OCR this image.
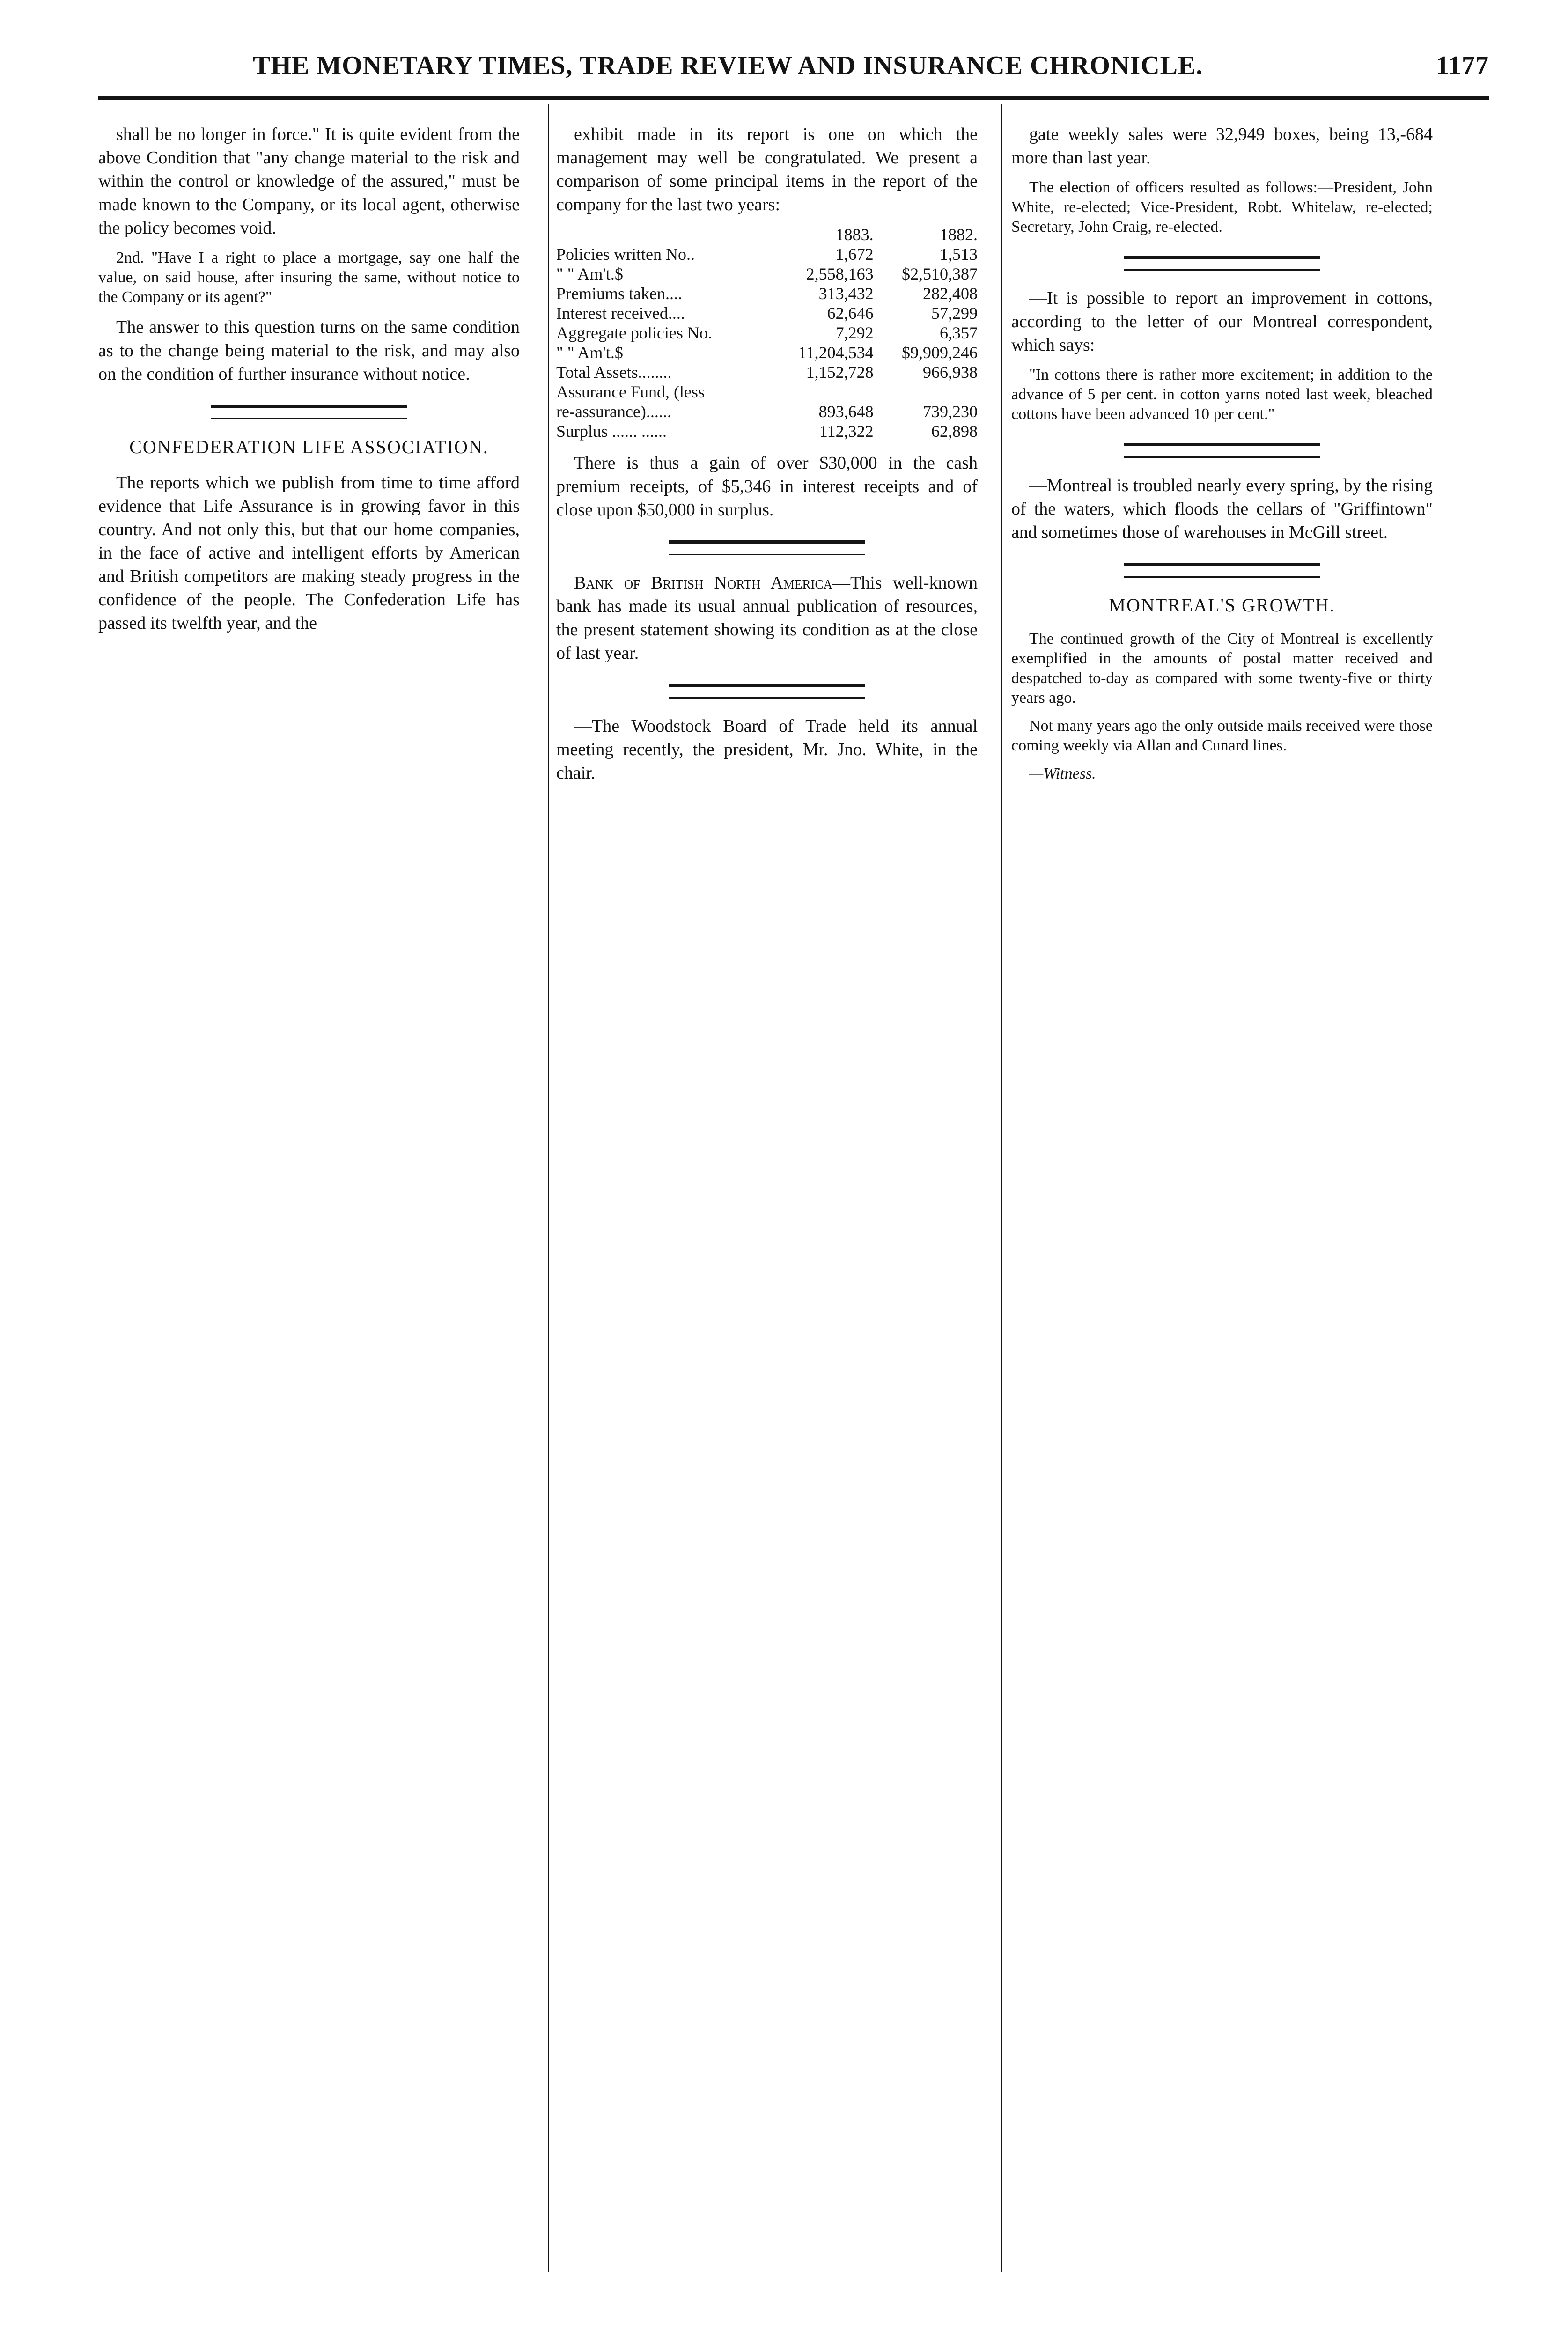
THE MONETARY TIMES, TRADE REVIEW AND INSURANCE CHRONICLE.	1177

shall be no longer in force." It is quite evident from the above Condition that "any change material to the risk and within the control or knowledge of the assured," must be made known to the Company, or its local agent, otherwise the policy becomes void.

2nd. "Have I a right to place a mortgage, say one half the value, on said house, after insuring the same, without notice to the Company or its agent?"

The answer to this question turns on the same condition as to the change being material to the risk, and may also on the condition of further insurance without notice.

CONFEDERATION LIFE ASSOCIATION.

The reports which we publish from time to time afford evidence that Life Assurance is in growing favor in this country. And not only this, but that our home companies, in the face of active and intelligent efforts by American and British competitors are making steady progress in the confidence of the people. The Confederation Life has passed its twelfth year, and the

exhibit made in its report is one on which the management may well be congratulated. We present a comparison of some principal items in the report of the company for the last two years:

	1883.	1882.
Policies written No..	1,672	1,513
" " Am't.$	2,558,163	$2,510,387
Premiums taken....	313,432	282,408
Interest received....	62,646	57,299
Aggregate policies No.	7,292	6,357
" " Am't.$	11,204,534	$9,909,246
Total Assets........	1,152,728	966,938
Assurance Fund, (less		
re-assurance)......	893,648	739,230
Surplus ...... ......	112,322	62,898

There is thus a gain of over $30,000 in the cash premium receipts, of $5,346 in interest receipts and of close upon $50,000 in surplus.

Bank of British North America—This well-known bank has made its usual annual publication of resources, the present statement showing its condition as at the close of last year.

—The Woodstock Board of Trade held its annual meeting recently, the president, Mr. Jno. White, in the chair.

gate weekly sales were 32,949 boxes, being 13,-684 more than last year.

The election of officers resulted as follows:—President, John White, re-elected; Vice-President, Robt. Whitelaw, re-elected; Secretary, John Craig, re-elected.

—It is possible to report an improvement in cottons, according to the letter of our Montreal correspondent, which says:

"In cottons there is rather more excitement; in addition to the advance of 5 per cent. in cotton yarns noted last week, bleached cottons have been advanced 10 per cent."

—Montreal is troubled nearly every spring, by the rising of the waters, which floods the cellars of "Griffintown" and sometimes those of warehouses in McGill street.

MONTREAL'S GROWTH.

The continued growth of the City of Montreal is excellently exemplified in the amounts of postal matter received and despatched to-day as compared with some twenty-five or thirty years ago.

Not many years ago the only outside mails received were those coming weekly via Allan and Cunard lines.

—Witness.
